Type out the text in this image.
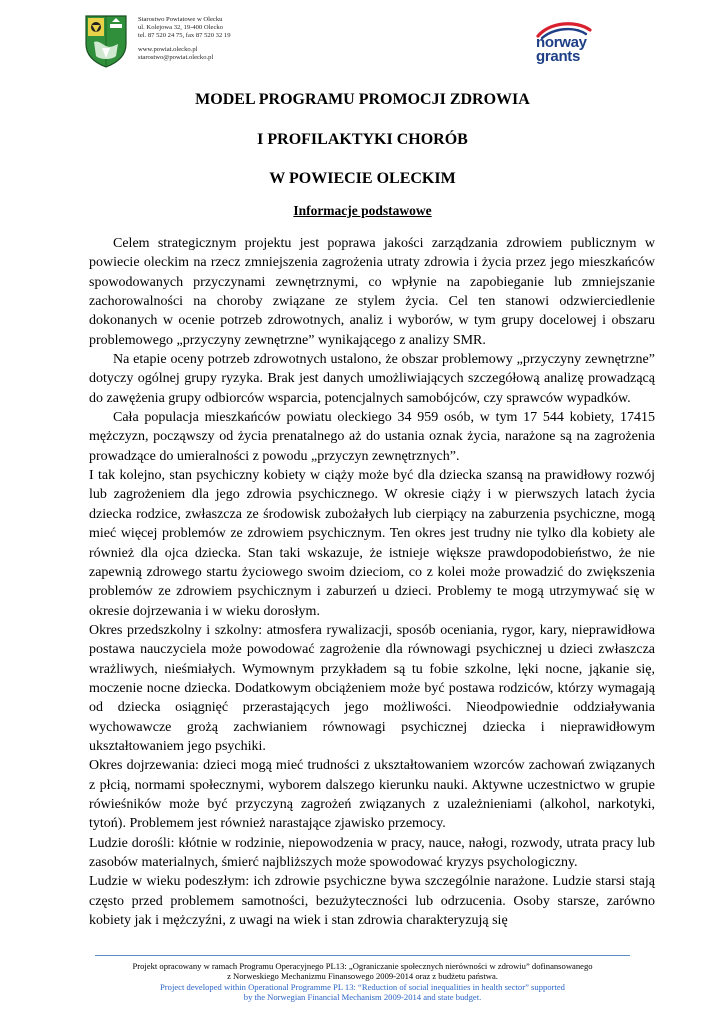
Starostwo Powiatowe w Olecku
ul. Kolejowa 32, 19-400 Olecko
tel. 87 520 24 75, fax 87 520 32 19
www.powiat.olecko.pl
starostwo@powiat.olecko.pl
norway
grants
MODEL PROGRAMU PROMOCJI ZDROWIA
I PROFILAKTYKI CHORÓB
W POWIECIE OLECKIM
Informacje podstawowe

Celem strategicznym projektu jest poprawa jakości zarządzania zdrowiem publicznym w powiecie oleckim na rzecz zmniejszenia zagrożenia utraty zdrowia i życia przez jego mieszkańców spowodowanych przyczynami zewnętrznymi, co wpłynie na zapobieganie lub zmniejszanie zachorowalności na choroby związane ze stylem życia. Cel ten stanowi odzwierciedlenie dokonanych w ocenie potrzeb zdrowotnych, analiz i wyborów, w tym grupy docelowej i obszaru problemowego „przyczyny zewnętrzne” wynikającego z analizy SMR.

Na etapie oceny potrzeb zdrowotnych ustalono, że obszar problemowy „przyczyny zewnętrzne” dotyczy ogólnej grupy ryzyka. Brak jest danych umożliwiających szczegółową analizę prowadzącą do zawężenia grupy odbiorców wsparcia, potencjalnych samobójców, czy sprawców wypadków.

Cała populacja mieszkańców powiatu oleckiego 34 959 osób, w tym 17 544 kobiety, 17415 mężczyzn, począwszy od życia prenatalnego aż do ustania oznak życia, narażone są na zagrożenia prowadzące do umieralności z powodu „przyczyn zewnętrznych”.

I tak kolejno, stan psychiczny kobiety w ciąży może być dla dziecka szansą na prawidłowy rozwój lub zagrożeniem dla jego zdrowia psychicznego. W okresie ciąży i w pierwszych latach życia dziecka rodzice, zwłaszcza ze środowisk zubożałych lub cierpiący na zaburzenia psychiczne, mogą mieć więcej problemów ze zdrowiem psychicznym. Ten okres jest trudny nie tylko dla kobiety ale również dla ojca dziecka. Stan taki wskazuje, że istnieje większe prawdopodobieństwo, że nie zapewnią zdrowego startu życiowego swoim dzieciom, co z kolei może prowadzić do zwiększenia problemów ze zdrowiem psychicznym i zaburzeń u dzieci. Problemy te mogą utrzymywać się w okresie dojrzewania i w wieku dorosłym.

Okres przedszkolny i szkolny: atmosfera rywalizacji, sposób oceniania, rygor, kary, nieprawidłowa postawa nauczyciela może powodować zagrożenie dla równowagi psychicznej u dzieci zwłaszcza wrażliwych, nieśmiałych. Wymownym przykładem są tu fobie szkolne, lęki nocne, jąkanie się, moczenie nocne dziecka. Dodatkowym obciążeniem może być postawa rodziców, którzy wymagają od dziecka osiągnięć przerastających jego możliwości. Nieodpowiednie oddziaływania wychowawcze grożą zachwianiem równowagi psychicznej dziecka i nieprawidłowym ukształtowaniem jego psychiki.

Okres dojrzewania: dzieci mogą mieć trudności z ukształtowaniem wzorców zachowań związanych z płcią, normami społecznymi, wyborem dalszego kierunku nauki. Aktywne uczestnictwo w grupie rówieśników może być przyczyną zagrożeń związanych z uzależnieniami (alkohol, narkotyki, tytoń). Problemem jest również narastające zjawisko przemocy.

Ludzie dorośli: kłótnie w rodzinie, niepowodzenia w pracy, nauce, nałogi, rozwody, utrata pracy lub zasobów materialnych, śmierć najbliższych może spowodować kryzys psychologiczny.

Ludzie w wieku podeszłym: ich zdrowie psychiczne bywa szczególnie narażone. Ludzie starsi stają często przed problemem samotności, bezużyteczności lub odrzucenia. Osoby starsze, zarówno kobiety jak i mężczyźni, z uwagi na wiek i stan zdrowia charakteryzują się

Projekt opracowany w ramach Programu Operacyjnego PL13: „Ograniczanie społecznych nierówności w zdrowiu” dofinansowanego
z Norweskiego Mechanizmu Finansowego 2009-2014 oraz z budżetu państwa.
Project developed within Operational Programme PL 13: “Reduction of social inequalities in health sector” supported
by the Norwegian Financial Mechanism 2009-2014 and state budget.
